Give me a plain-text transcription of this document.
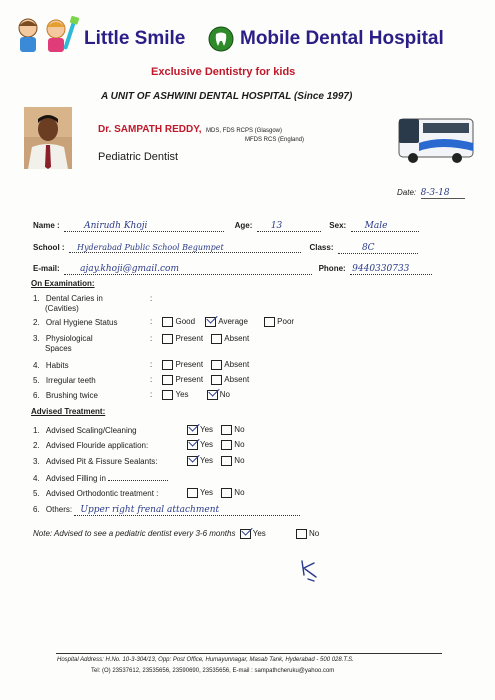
Little Smile	Mobile Dental Hospital
Exclusive Dentistry for kids
A UNIT OF ASHWINI DENTAL HOSPITAL (Since 1997)
Dr. SAMPATH REDDY, MDS, FDS RCPS (Glasgow)
MFDS RCS (England)
Pediatric Dentist
Date: 8-3-18
Name :	Anirudh Khoji	Age: 13	Sex: Male
School : Hyderabad Public School Begumpet	Class:	8C
E-mail: ajay.khoji@gmail.com	Phone: 9440330733
On Examination:
1. Dental Caries in
(Cavities)
:
2. Oral Hygiene Status	:	Good	Average	Poor
3. Physiological
Spaces
:	Present	Absent
4. Habits	:	Present	Absent
5. Irregular teeth	:	Present	Absent
6. Brushing twice	:	Yes	No
Advised Treatment:
1. Advised Scaling/Cleaning	Yes	No
2. Advised Flouride application:	Yes	No
3. Advised Pit & Fissure Sealants:	Yes	No
4. Advised Filling in
5. Advised Orthodontic treatment :	Yes	No
6. Others: Upper right frenal attachment
Note: Advised to see a pediatric dentist every 3-6 months Yes	No
Hospital Address: H.No. 10-3-304/13, Opp: Post Office, Humayunnagar, Masab Tank, Hyderabad - 500 028.T.S.
Tel: (O) 23537612, 23535656, 23590690, 23535656, E-mail : sampathcheruku@yahoo.com
